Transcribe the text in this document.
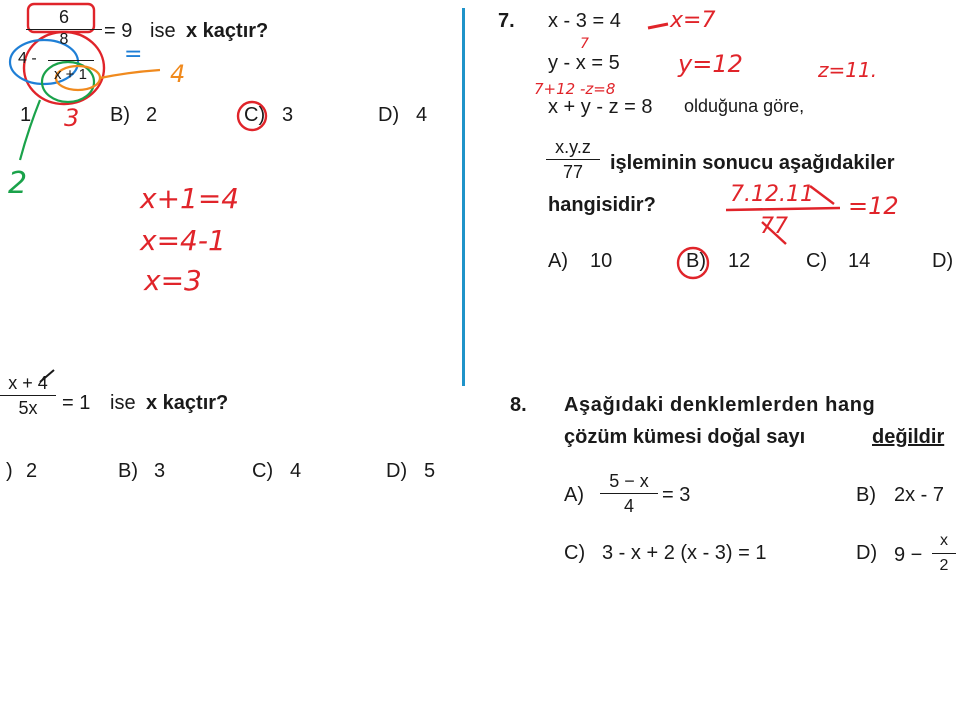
6
8
4 -
x + 1
= 9 ise x kaçtır?
1	B) 2	C) 3	D) 4
3
4
=
2	x+1=4
x=4-1
x=3
x + 4
5x = 1 ise x kaçtır?
) 2	B) 3	C) 4	D) 5
7. x - 3 = 4
y - x = 5
x + y - z = 8 olduğuna göre,
x.y.z
77 işleminin sonucu aşağıdakiler
hangisidir?
A) 10	B) 12	C) 14	D)
x=7
y=12	z=11.
7
7+12 -z=8
7.12.11
77
=12
8. Aşağıdaki denklemlerden hang
çözüm kümesi doğal sayı	değildir
A)
5 − x
4 = 3	B) 2x - 7
C) 3 - x + 2 (x - 3) = 1	D) 9 −
x
2
